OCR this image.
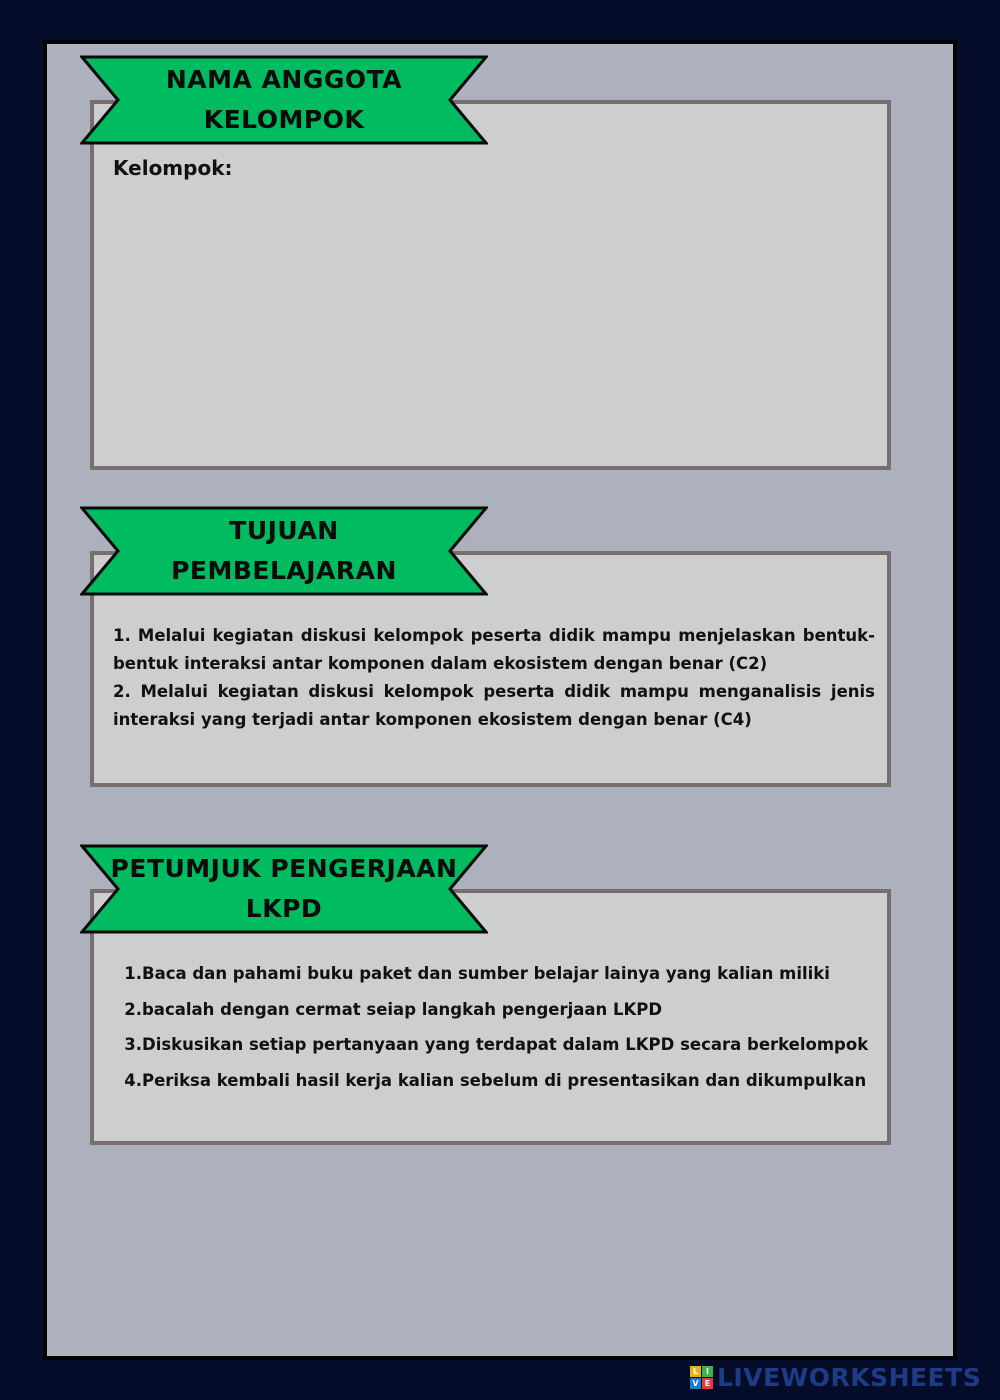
NAMA ANGGOTA
KELOMPOK
Kelompok:
TUJUAN
PEMBELAJARAN

1. Melalui kegiatan diskusi kelompok peserta didik mampu menjelaskan bentuk-bentuk interaksi antar komponen dalam ekosistem dengan benar (C2)

2. Melalui kegiatan diskusi kelompok peserta didik mampu menganalisis jenis interaksi yang terjadi antar komponen ekosistem dengan benar (C4)

PETUMJUK PENGERJAAN
LKPD
1.Baca dan pahami buku paket dan sumber belajar lainya yang kalian miliki
2.bacalah dengan cermat seiap langkah pengerjaan LKPD
3.Diskusikan setiap pertanyaan yang terdapat dalam LKPD secara berkelompok
4.Periksa kembali hasil kerja kalian sebelum di presentasikan dan dikumpulkan
L I
V E LIVEWORKSHEETS
